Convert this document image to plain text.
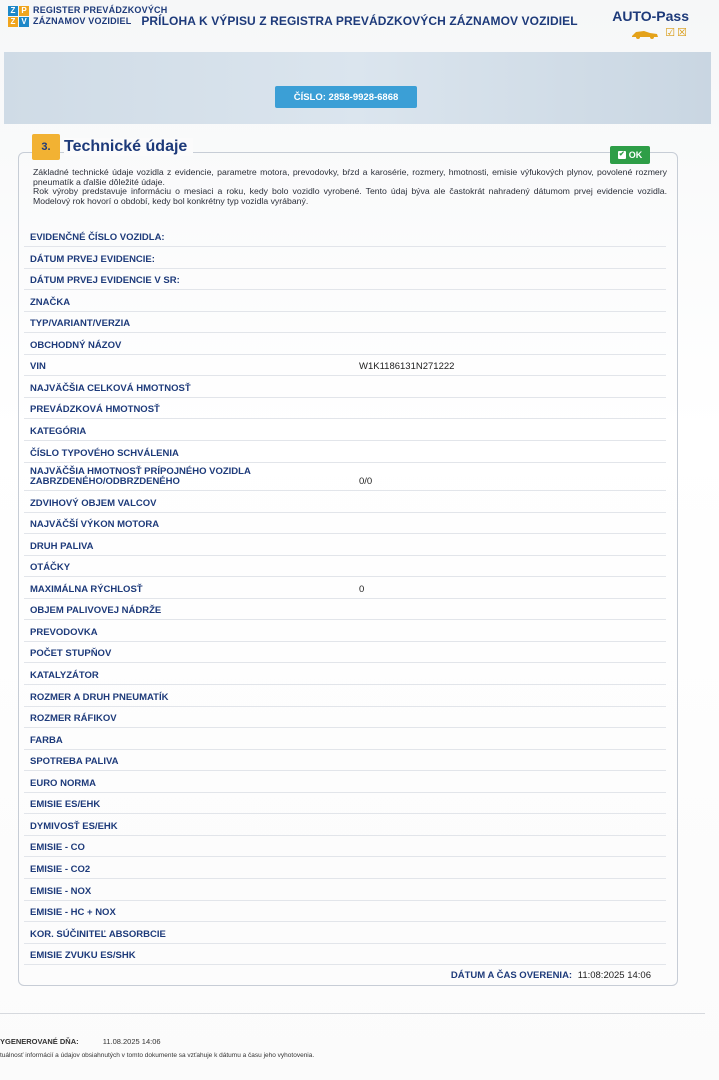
Z P
Z V
REGISTER PREVÁDZKOVÝCH
ZÁZNAMOV VOZIDIEL	AUTO-Pass
☑☒
PRÍLOHA K VÝPISU Z REGISTRA PREVÁDZKOVÝCH ZÁZNAMOV VOZIDIEL
ČÍSLO: 2858-9928-6868
3. Technické údaje	✔ OK

Základné technické údaje vozidla z evidencie, parametre motora, prevodovky, bŕzd a karosérie, rozmery, hmotnosti, emisie výfukových plynov, povolené rozmery pneumatík a ďalšie dôležité údaje.

Rok výroby predstavuje informáciu o mesiaci a roku, kedy bolo vozidlo vyrobené. Tento údaj býva ale častokrát nahradený dátumom prvej evidencie vozidla. Modelový rok hovorí o období, kedy bol konkrétny typ vozidla vyrábaný.

EVIDENČNÉ ČÍSLO VOZIDLA:
DÁTUM PRVEJ EVIDENCIE:
DÁTUM PRVEJ EVIDENCIE V SR:
ZNAČKA
TYP/VARIANT/VERZIA
OBCHODNÝ NÁZOV
VIN	W1K1186131N271222
NAJVÄČŠIA CELKOVÁ HMOTNOSŤ
PREVÁDZKOVÁ HMOTNOSŤ
KATEGÓRIA
ČÍSLO TYPOVÉHO SCHVÁLENIA
NAJVÄČŠIA HMOTNOSŤ PRÍPOJNÉHO VOZIDLA ZABRZDENÉHO/ODBRZDENÉHO	0/0
ZDVIHOVÝ OBJEM VALCOV
NAJVÄČŠÍ VÝKON MOTORA
DRUH PALIVA
OTÁČKY
MAXIMÁLNA RÝCHLOSŤ	0
OBJEM PALIVOVEJ NÁDRŽE
PREVODOVKA
POČET STUPŇOV
KATALYZÁTOR
ROZMER A DRUH PNEUMATÍK
ROZMER RÁFIKOV
FARBA
SPOTREBA PALIVA
EURO NORMA
EMISIE ES/EHK
DYMIVOSŤ ES/EHK
EMISIE - CO
EMISIE - CO2
EMISIE - NOX
EMISIE - HC + NOX
KOR. SÚČINITEĽ ABSORBCIE
EMISIE ZVUKU ES/SHK
DÁTUM A ČAS OVERENIA: 11:08:2025 14:06
YGENEROVANÉ DŇA:	11.08.2025 14:06
tuálnosť informácií a údajov obsiahnutých v tomto dokumente sa vzťahuje k dátumu a času jeho vyhotovenia.
